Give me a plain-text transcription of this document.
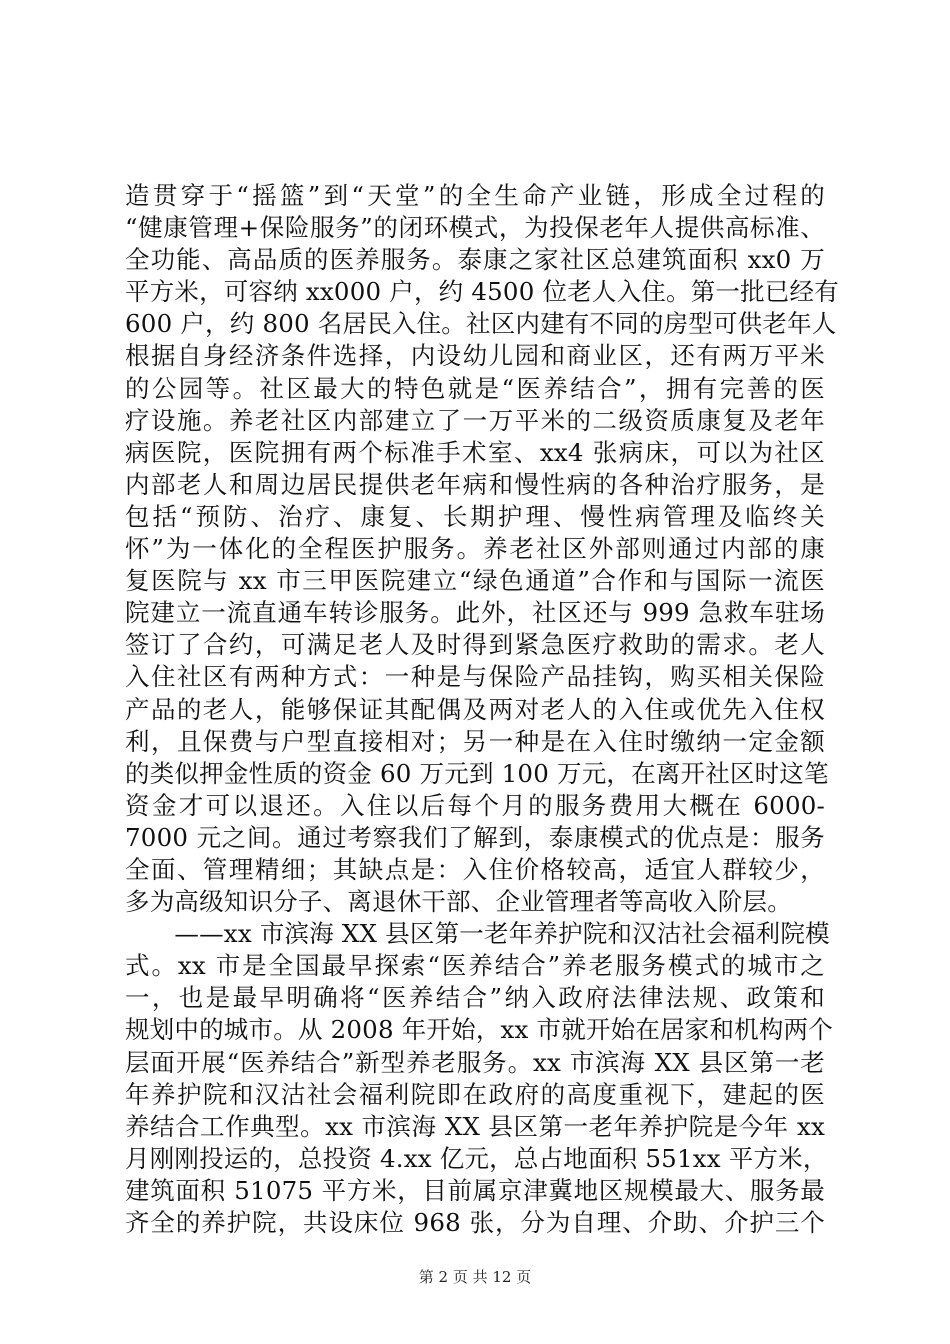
造贯穿于“摇篮”到“天堂”的全生命产业链，形成全过程的
“健康管理+保险服务”的闭环模式，为投保老年人提供高标准、
全功能、高品质的医养服务。泰康之家社区总建筑面积 xx0 万
平方米，可容纳 xx000 户，约 4500 位老人入住。第一批已经有
600 户，约 800 名居民入住。社区内建有不同的房型可供老年人
根据自身经济条件选择，内设幼儿园和商业区，还有两万平米
的公园等。社区最大的特色就是“医养结合”，拥有完善的医
疗设施。养老社区内部建立了一万平米的二级资质康复及老年
病医院，医院拥有两个标准手术室、xx4 张病床，可以为社区
内部老人和周边居民提供老年病和慢性病的各种治疗服务，是
包括“预防、治疗、康复、长期护理、慢性病管理及临终关
怀”为一体化的全程医护服务。养老社区外部则通过内部的康
复医院与 xx 市三甲医院建立“绿色通道”合作和与国际一流医
院建立一流直通车转诊服务。此外，社区还与 999 急救车驻场
签订了合约，可满足老人及时得到紧急医疗救助的需求。老人
入住社区有两种方式：一种是与保险产品挂钩，购买相关保险
产品的老人，能够保证其配偶及两对老人的入住或优先入住权
利，且保费与户型直接相对；另一种是在入住时缴纳一定金额
的类似押金性质的资金 60 万元到 100 万元，在离开社区时这笔
资金才可以退还。入住以后每个月的服务费用大概在 6000-
7000 元之间。通过考察我们了解到，泰康模式的优点是：服务
全面、管理精细；其缺点是：入住价格较高，适宜人群较少，
多为高级知识分子、离退休干部、企业管理者等高收入阶层。
　　——xx 市滨海 XX 县区第一老年养护院和汉沽社会福利院模
式。xx 市是全国最早探索“医养结合”养老服务模式的城市之
一，也是最早明确将“医养结合”纳入政府法律法规、政策和
规划中的城市。从 2008 年开始，xx 市就开始在居家和机构两个
层面开展“医养结合”新型养老服务。xx 市滨海 XX 县区第一老
年养护院和汉沽社会福利院即在政府的高度重视下，建起的医
养结合工作典型。xx 市滨海 XX 县区第一老年养护院是今年 xx
月刚刚投运的，总投资 4.xx 亿元，总占地面积 551xx 平方米，
建筑面积 51075 平方米，目前属京津冀地区规模最大、服务最
齐全的养护院，共设床位 968 张，分为自理、介助、介护三个
第 2 页 共 12 页
